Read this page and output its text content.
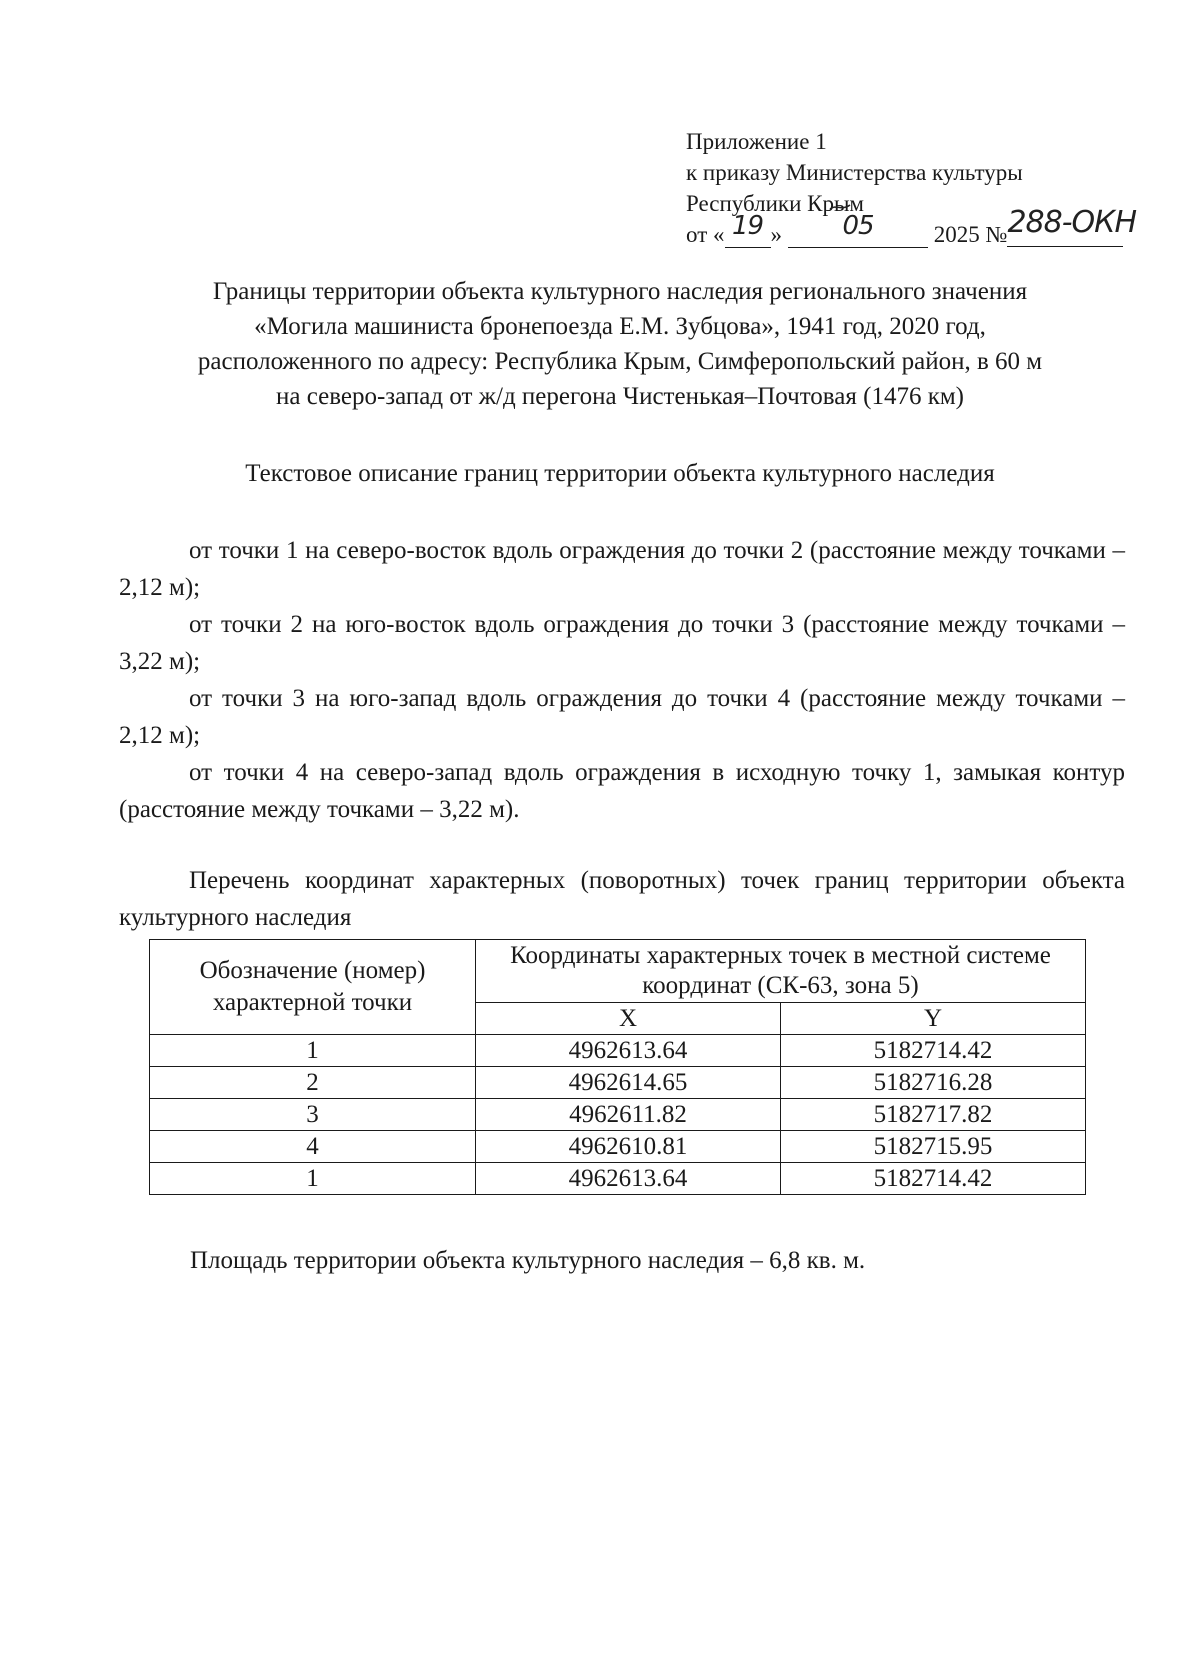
Приложение 1
к приказу Министерства культуры
Республики Крым
от « 19 » 05	2025 №288-ОКН
Границы территории объекта культурного наследия регионального значения
«Могила машиниста бронепоезда Е.М. Зубцова», 1941 год, 2020 год,
расположенного по адресу: Республика Крым, Симферопольский район, в 60 м
на северо-запад от ж/д перегона Чистенькая–Почтовая (1476 км)
Текстовое описание границ территории объекта культурного наследия

от точки 1 на северо-восток вдоль ограждения до точки 2 (расстояние между точками – 2,12 м);

от точки 2 на юго-восток вдоль ограждения до точки 3 (расстояние между точками – 3,22 м);

от точки 3 на юго-запад вдоль ограждения до точки 4 (расстояние между точками – 2,12 м);

от точки 4 на северо-запад вдоль ограждения в исходную точку 1, замыкая контур (расстояние между точками – 3,22 м).

Перечень координат характерных (поворотных) точек границ территории объекта культурного наследия

Обозначение (номер) характерной точки	Координаты характерных точек в местной системе координат (СК-63, зона 5)	
	X	Y
1	4962613.64	5182714.42
2	4962614.65	5182716.28
3	4962611.82	5182717.82
4	4962610.81	5182715.95
1	4962613.64	5182714.42
Площадь территории объекта культурного наследия – 6,8 кв. м.
